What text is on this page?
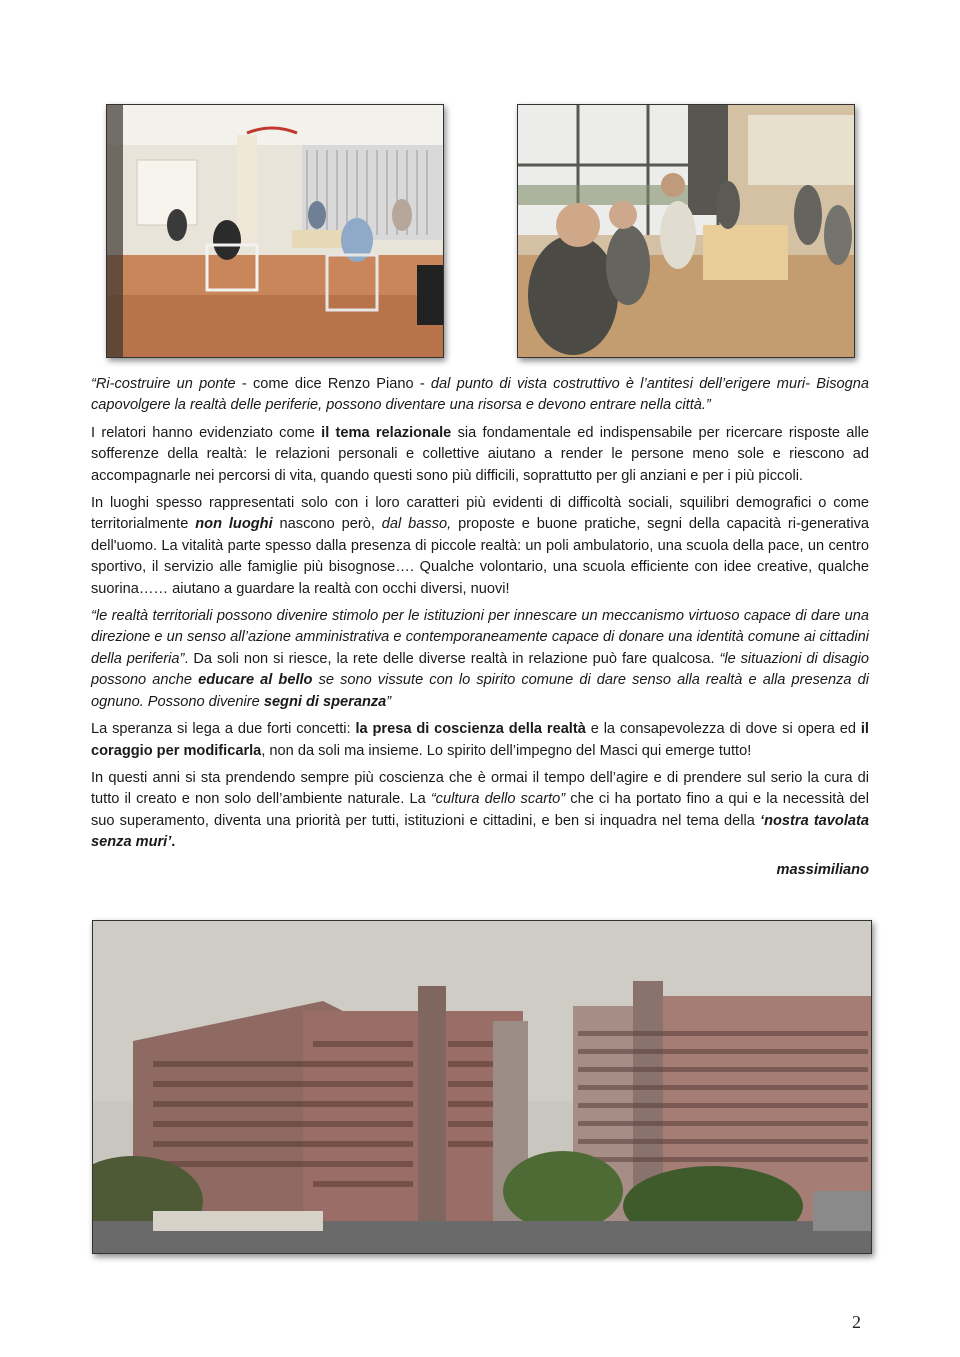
“Ri-costruire un ponte - come dice Renzo Piano - dal punto di vista costruttivo è l’antitesi dell’erigere muri- Bisogna capovolgere la realtà delle periferie, possono diventare una risorsa e devono entrare nella città.”

I relatori hanno evidenziato come il tema relazionale sia fondamentale ed indispensabile per ricercare risposte alle sofferenze della realtà: le relazioni personali e collettive aiutano a render le persone meno sole e riescono ad accompagnarle nei percorsi di vita, quando questi sono più difficili, soprattutto per gli anziani e per i più piccoli.

In luoghi spesso rappresentati solo con i loro caratteri più evidenti di difficoltà sociali, squilibri demografici o come territorialmente non luoghi nascono però, dal basso, proposte e buone pratiche, segni della capacità ri-generativa dell'uomo. La vitalità parte spesso dalla presenza di piccole realtà: un poli ambulatorio, una scuola della pace, un centro sportivo, il servizio alle famiglie più bisognose…. Qualche volontario, una scuola efficiente con idee creative, qualche suorina…… aiutano a guardare la realtà con occhi diversi, nuovi!

“le realtà territoriali possono divenire stimolo per le istituzioni per innescare un meccanismo virtuoso capace di dare una direzione e un senso all’azione amministrativa e contemporaneamente capace di donare una identità comune ai cittadini della periferia”. Da soli non si riesce, la rete delle diverse realtà in relazione può fare qualcosa. “le situazioni di disagio possono anche educare al bello se sono vissute con lo spirito comune di dare senso alla realtà e alla presenza di ognuno. Possono divenire segni di speranza”

La speranza si lega a due forti concetti: la presa di coscienza della realtà e la consapevolezza di dove si opera ed il coraggio per modificarla, non da soli ma insieme. Lo spirito dell’impegno del Masci qui emerge tutto!

In questi anni si sta prendendo sempre più coscienza che è ormai il tempo dell’agire e di prendere sul serio la cura di tutto il creato e non solo dell’ambiente naturale. La “cultura dello scarto” che ci ha portato fino a qui e la necessità del suo superamento, diventa una priorità per tutti, istituzioni e cittadini, e ben si inquadra nel tema della ‘nostra tavolata senza muri’.

massimiliano

2
